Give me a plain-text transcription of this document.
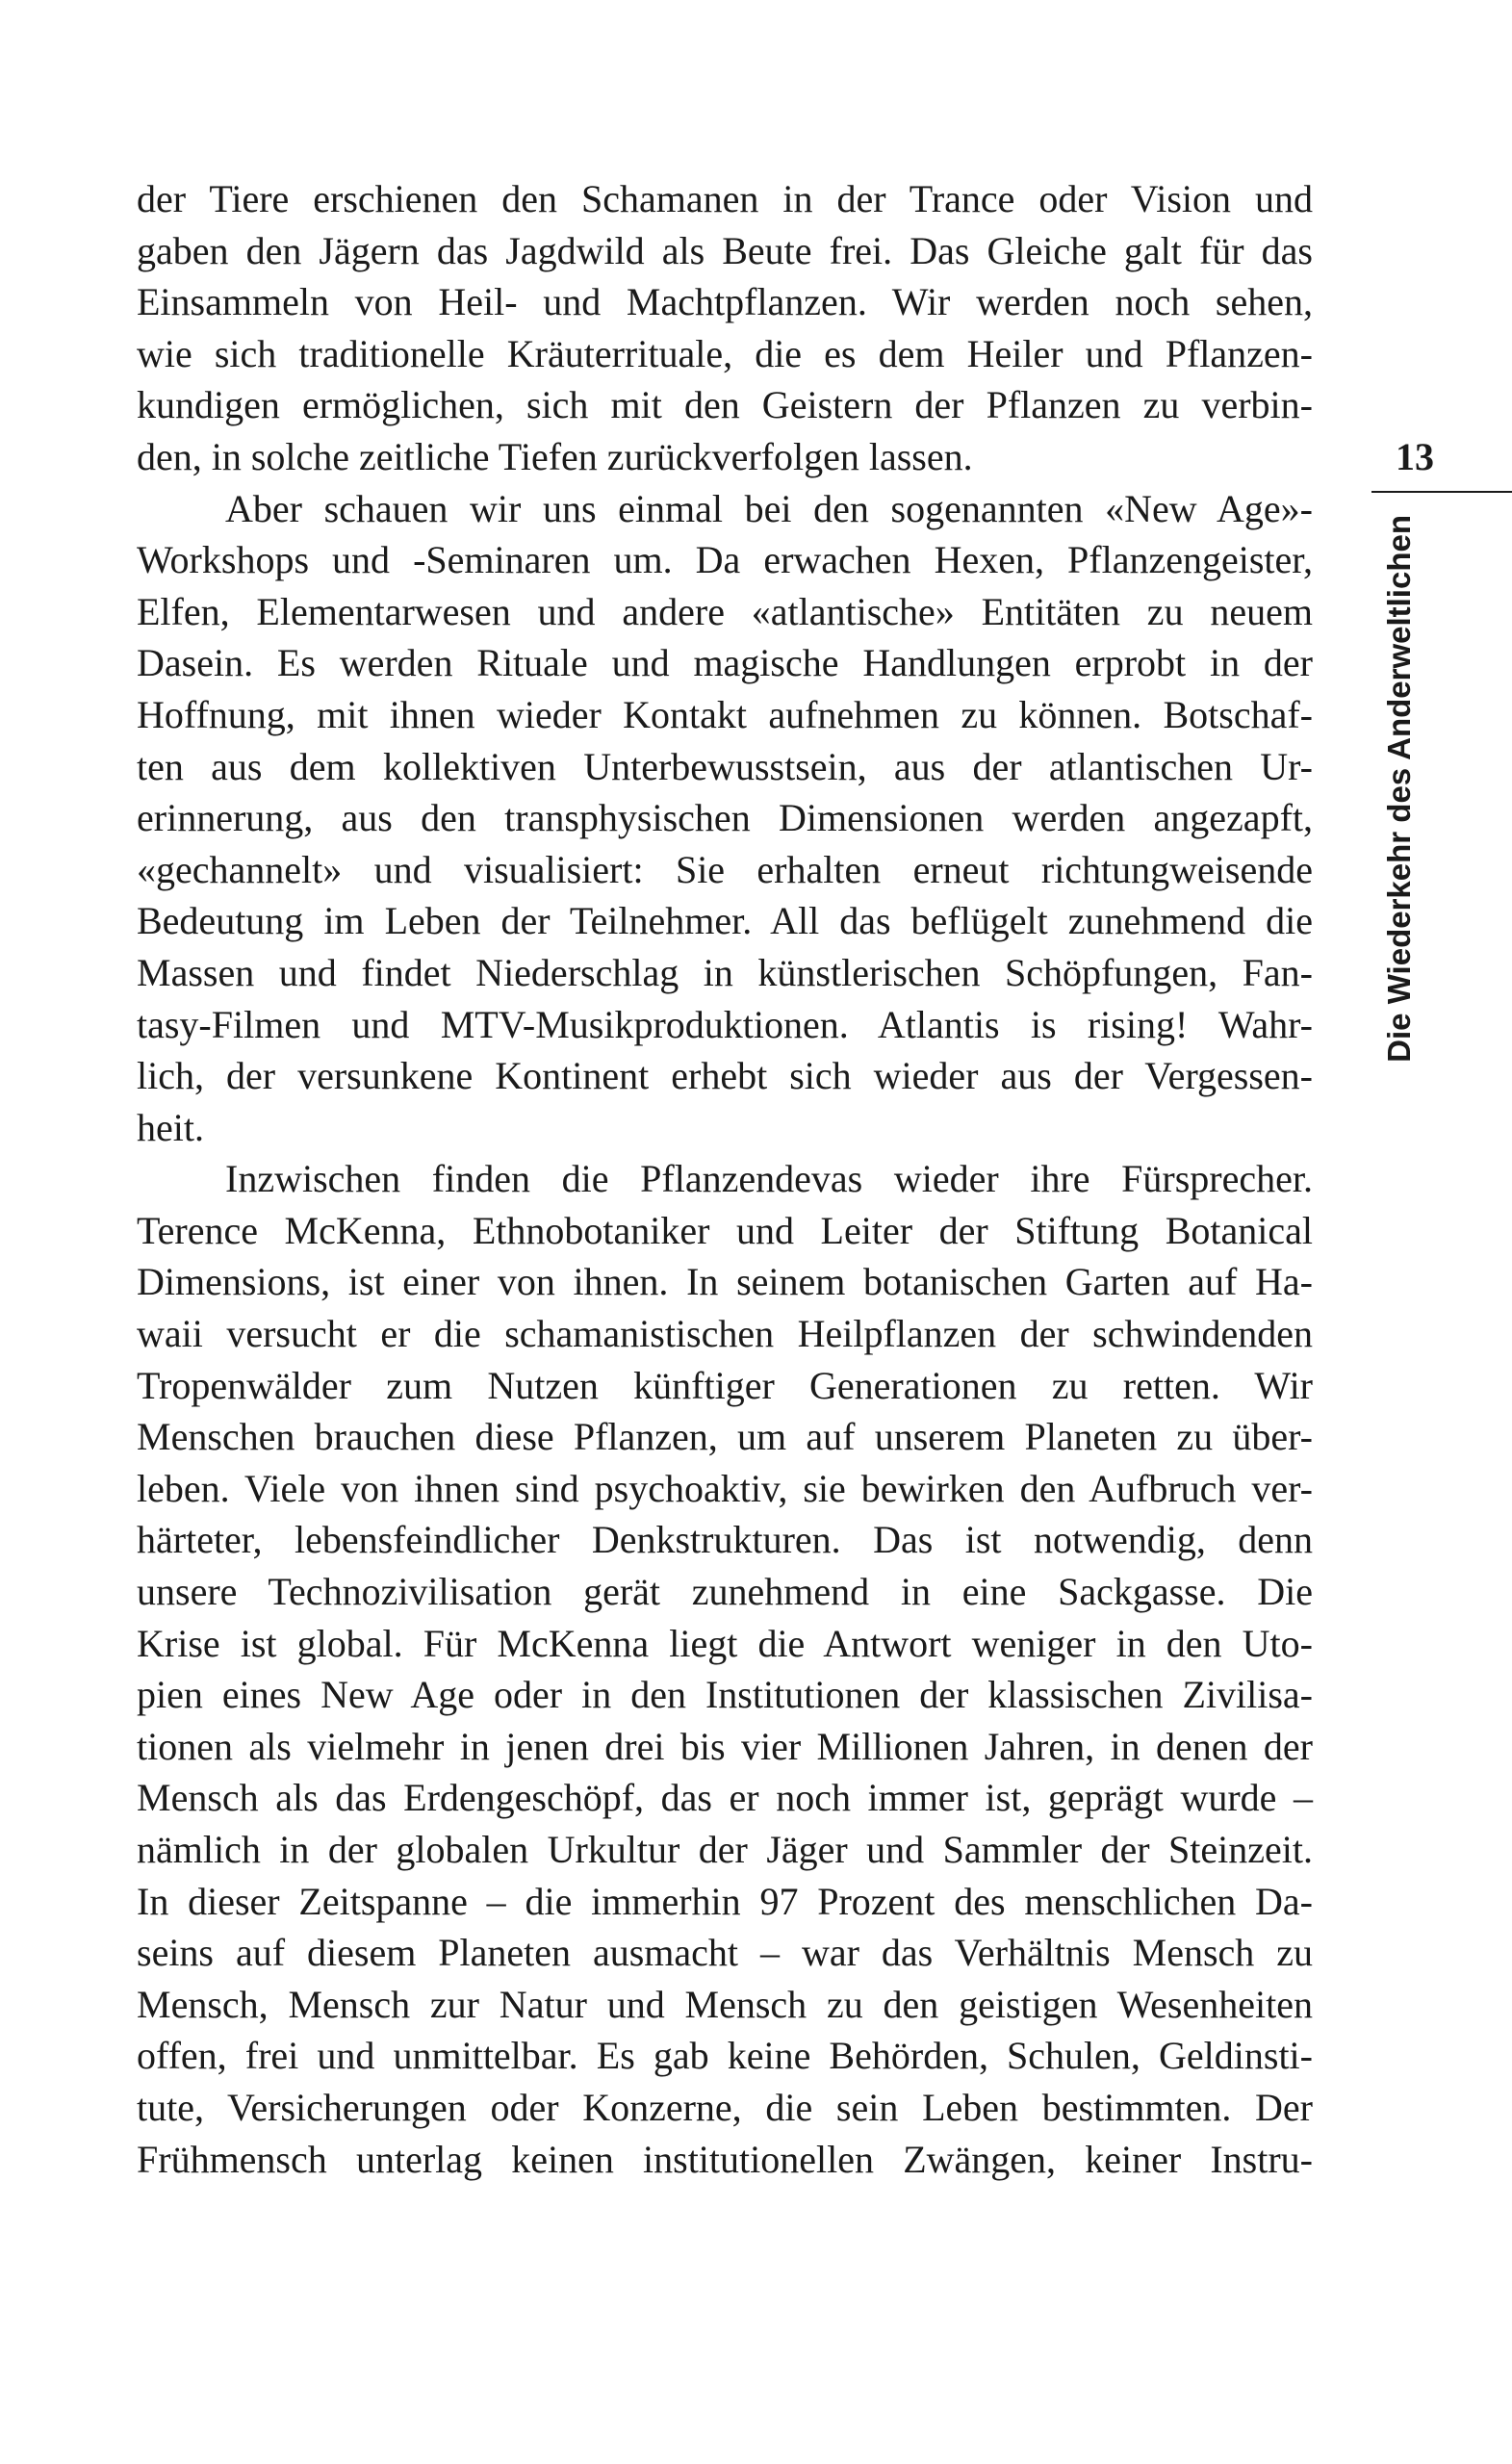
der Tiere erschienen den Schamanen in der Trance oder Vision und
gaben den Jägern das Jagdwild als Beute frei. Das Gleiche galt für das
Einsammeln von Heil- und Machtpflanzen. Wir werden noch sehen,
wie sich traditionelle Kräuterrituale, die es dem Heiler und Pflanzen-
kundigen ermöglichen, sich mit den Geistern der Pflanzen zu verbin-
den, in solche zeitliche Tiefen zurückverfolgen lassen.
Aber schauen wir uns einmal bei den sogenannten «New Age»-
Workshops und -Seminaren um. Da erwachen Hexen, Pflanzengeister,
Elfen, Elementarwesen und andere «atlantische» Entitäten zu neuem
Dasein. Es werden Rituale und magische Handlungen erprobt in der
Hoffnung, mit ihnen wieder Kontakt aufnehmen zu können. Botschaf-
ten aus dem kollektiven Unterbewusstsein, aus der atlantischen Ur-
erinnerung, aus den transphysischen Dimensionen werden angezapft,
«gechannelt» und visualisiert: Sie erhalten erneut richtungweisende
Bedeutung im Leben der Teilnehmer. All das beflügelt zunehmend die
Massen und findet Niederschlag in künstlerischen Schöpfungen, Fan-
tasy-Filmen und MTV-Musikproduktionen. Atlantis is rising! Wahr-
lich, der versunkene Kontinent erhebt sich wieder aus der Vergessen-
heit.
Inzwischen finden die Pflanzendevas wieder ihre Fürsprecher.
Terence McKenna, Ethnobotaniker und Leiter der Stiftung Botanical
Dimensions, ist einer von ihnen. In seinem botanischen Garten auf Ha-
waii versucht er die schamanistischen Heilpflanzen der schwindenden
Tropenwälder zum Nutzen künftiger Generationen zu retten. Wir
Menschen brauchen diese Pflanzen, um auf unserem Planeten zu über-
leben. Viele von ihnen sind psychoaktiv, sie bewirken den Aufbruch ver-
härteter, lebensfeindlicher Denkstrukturen. Das ist notwendig, denn
unsere Technozivilisation gerät zunehmend in eine Sackgasse. Die
Krise ist global. Für McKenna liegt die Antwort weniger in den Uto-
pien eines New Age oder in den Institutionen der klassischen Zivilisa-
tionen als vielmehr in jenen drei bis vier Millionen Jahren, in denen der
Mensch als das Erdengeschöpf, das er noch immer ist, geprägt wurde –
nämlich in der globalen Urkultur der Jäger und Sammler der Steinzeit.
In dieser Zeitspanne – die immerhin 97 Prozent des menschlichen Da-
seins auf diesem Planeten ausmacht – war das Verhältnis Mensch zu
Mensch, Mensch zur Natur und Mensch zu den geistigen Wesenheiten
offen, frei und unmittelbar. Es gab keine Behörden, Schulen, Geldinsti-
tute, Versicherungen oder Konzerne, die sein Leben bestimmten. Der
Frühmensch unterlag keinen institutionellen Zwängen, keiner Instru-
13
Die Wiederkehr des Anderweltlichen
